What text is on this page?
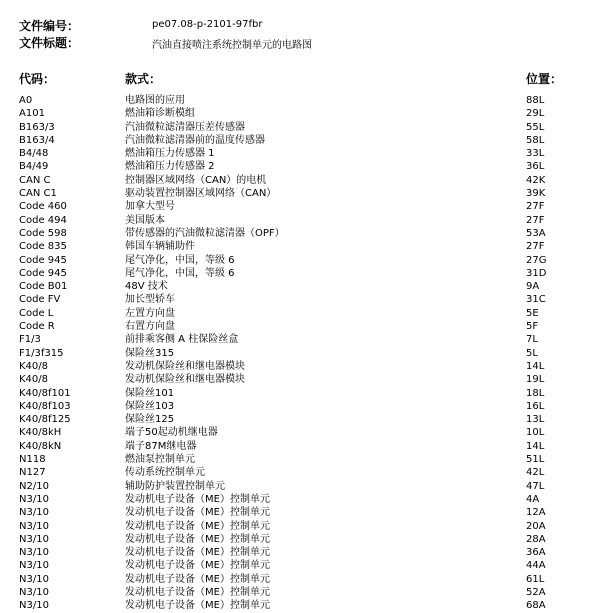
文件编号：	pe07.08-p-2101-97fbr
文件标题：	汽油直接喷注系统控制单元的电路图
代码：	款式：	位置：
A0	电路图的应用	88L
A101	燃油箱诊断模组	29L
B163/3	汽油微粒滤清器压差传感器	55L
B163/4	汽油微粒滤清器前的温度传感器	58L
B4/48	燃油箱压力传感器 1	33L
B4/49	燃油箱压力传感器 2	36L
CAN C	控制器区域网络（CAN）的电机	42K
CAN C1	驱动装置控制器区域网络（CAN）	39K
Code 460	加拿大型号	27F
Code 494	美国版本	27F
Code 598	带传感器的汽油微粒滤清器（OPF）	53A
Code 835	韩国车辆辅助件	27F
Code 945	尾气净化，中国，等级 6	27G
Code 945	尾气净化，中国，等级 6	31D
Code B01	48V 技术	9A
Code FV	加长型轿车	31C
Code L	左置方向盘	5E
Code R	右置方向盘	5F
F1/3	前排乘客侧 A 柱保险丝盒	7L
F1/3f315	保险丝315	5L
K40/8	发动机保险丝和继电器模块	14L
K40/8	发动机保险丝和继电器模块	19L
K40/8f101	保险丝101	18L
K40/8f103	保险丝103	16L
K40/8f125	保险丝125	13L
K40/8kH	端子50起动机继电器	10L
K40/8kN	端子87M继电器	14L
N118	燃油泵控制单元	51L
N127	传动系统控制单元	42L
N2/10	辅助防护装置控制单元	47L
N3/10	发动机电子设备（ME）控制单元	4A
N3/10	发动机电子设备（ME）控制单元	12A
N3/10	发动机电子设备（ME）控制单元	20A
N3/10	发动机电子设备（ME）控制单元	28A
N3/10	发动机电子设备（ME）控制单元	36A
N3/10	发动机电子设备（ME）控制单元	44A
N3/10	发动机电子设备（ME）控制单元	61L
N3/10	发动机电子设备（ME）控制单元	52A
N3/10	发动机电子设备（ME）控制单元	68A
